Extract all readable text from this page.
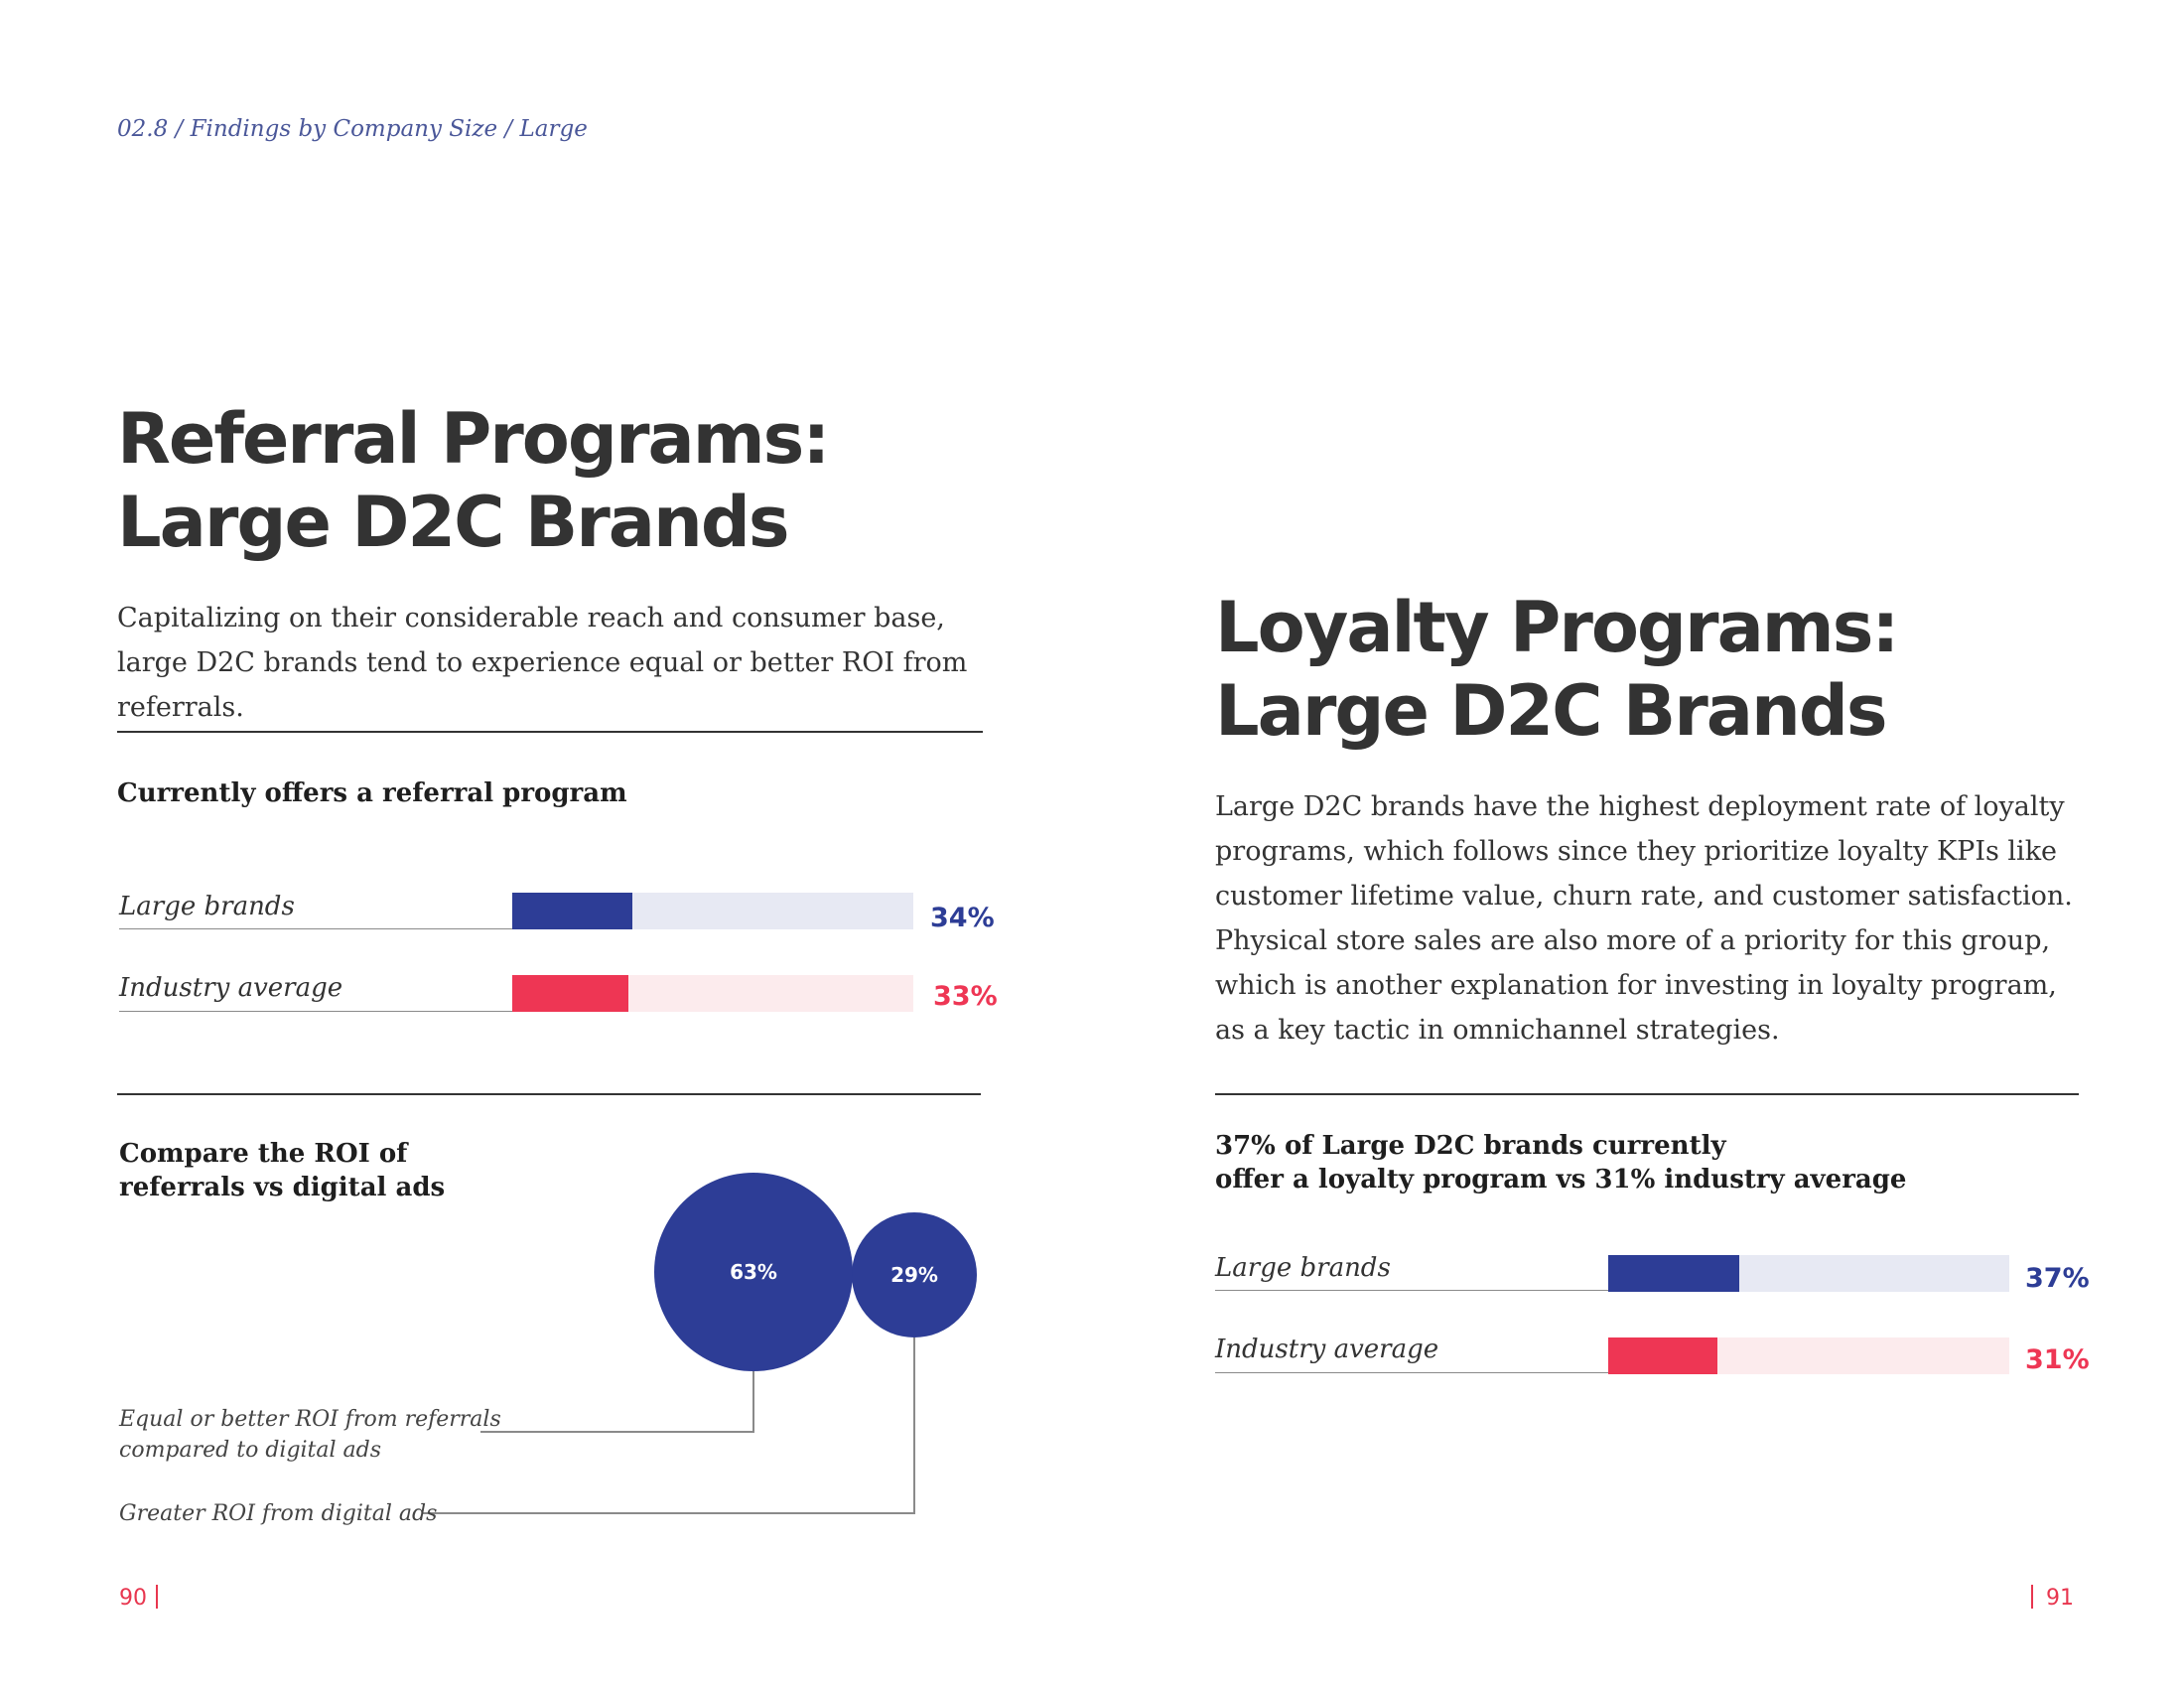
02.8 / Findings by Company Size / Large
Referral Programs:
Large D2C Brands

Capitalizing on their considerable reach and consumer base, large D2C brands tend to experience equal or better ROI from referrals.

Currently offers a referral program

Large brands	34%
Industry average	33%

Compare the ROI of
referrals vs digital ads

63%	29%
Equal or better ROI from referrals
compared to digital ads
Greater ROI from digital ads
90
Loyalty Programs:
Large D2C Brands

Large D2C brands have the highest deployment rate of loyalty programs, which follows since they prioritize loyalty KPIs like customer lifetime value, churn rate, and customer satisfaction. Physical store sales are also more of a priority for this group, which is another explanation for investing in loyalty program, as a key tactic in omnichannel strategies.

37% of Large D2C brands currently
offer a loyalty program vs 31% industry average

Large brands	37%
Industry average	31%
91
